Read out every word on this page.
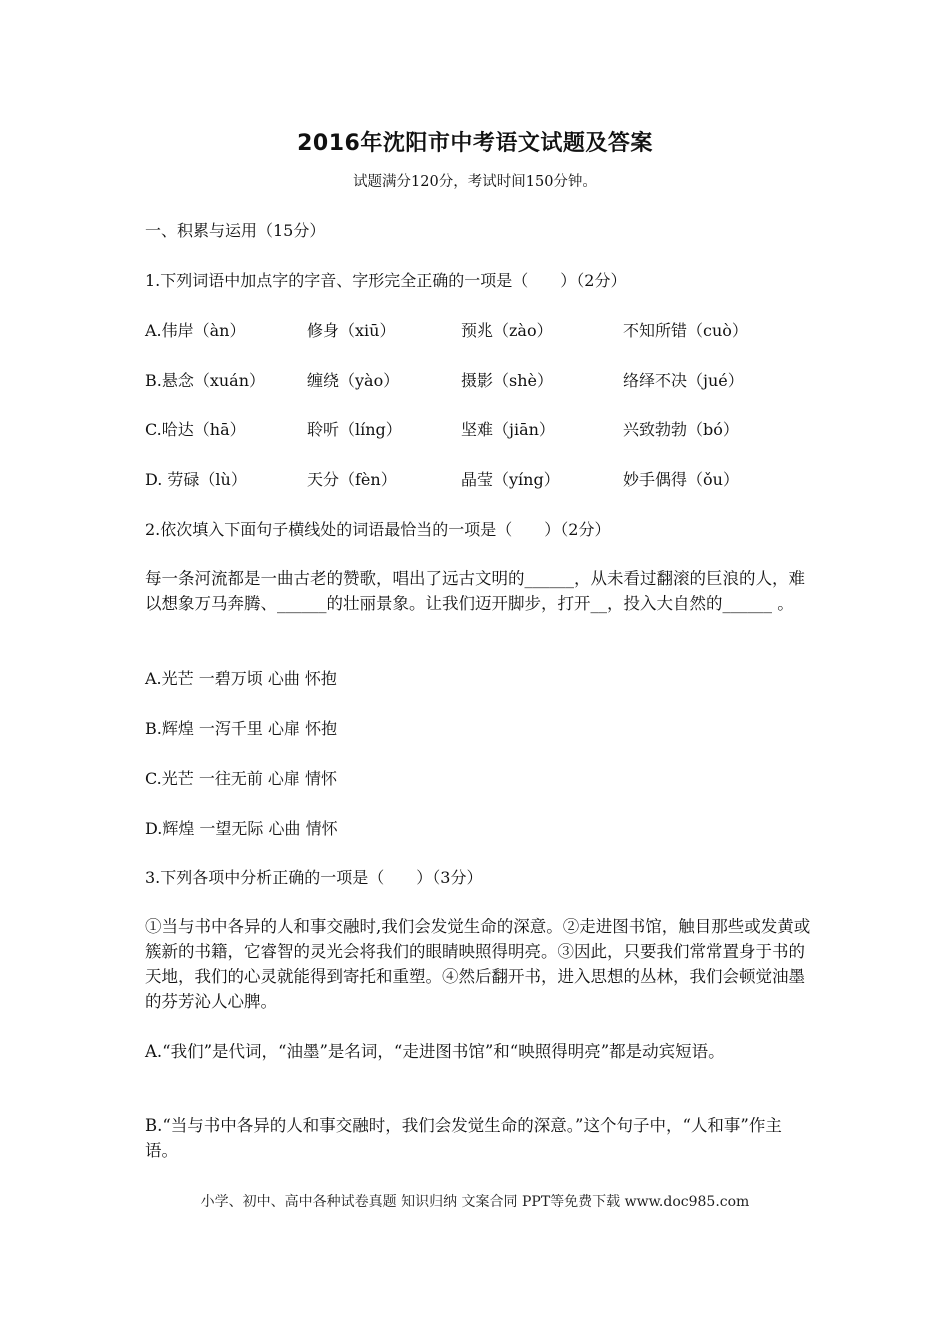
2016年沈阳市中考语文试题及答案
试题满分120分，考试时间150分钟。
一、积累与运用（15分）
1.下列词语中加点字的字音、字形完全正确的一项是（　　）（2分）
A.伟岸（àn）	修身（xiū）	预兆（zào）	不知所错（cuò）
B.悬念（xuán）	缠绕（yào）	摄影（shè）	络绎不决（jué）
C.哈达（hā）	聆听（líng）	坚难（jiān）	兴致勃勃（bó）
D. 劳碌（lù）	天分（fèn）	晶莹（yíng）	妙手偶得（ǒu）
2.依次填入下面句子横线处的词语最恰当的一项是（　　）（2分）
每一条河流都是一曲古老的赞歌，唱出了远古文明的______，从未看过翻滚的巨浪的人，难以想象万马奔腾、______的壮丽景象。让我们迈开脚步，打开__，投入大自然的______ 。
A.光芒 一碧万顷 心曲 怀抱
B.辉煌 一泻千里 心扉 怀抱
C.光芒 一往无前 心扉 情怀
D.辉煌 一望无际 心曲 情怀
3.下列各项中分析正确的一项是（　　）（3分）
①当与书中各异的人和事交融时,我们会发觉生命的深意。②走进图书馆，触目那些或发黄或簇新的书籍，它睿智的灵光会将我们的眼睛映照得明亮。③因此，只要我们常常置身于书的天地，我们的心灵就能得到寄托和重塑。④然后翻开书，进入思想的丛林，我们会顿觉油墨的芬芳沁人心脾。
A.“我们”是代词，“油墨”是名词，“走进图书馆”和“映照得明亮”都是动宾短语。
B.“当与书中各异的人和事交融时，我们会发觉生命的深意。”这个句子中，“人和事”作主语。
小学、初中、高中各种试卷真题 知识归纳 文案合同 PPT等免费下载 www.doc985.com
